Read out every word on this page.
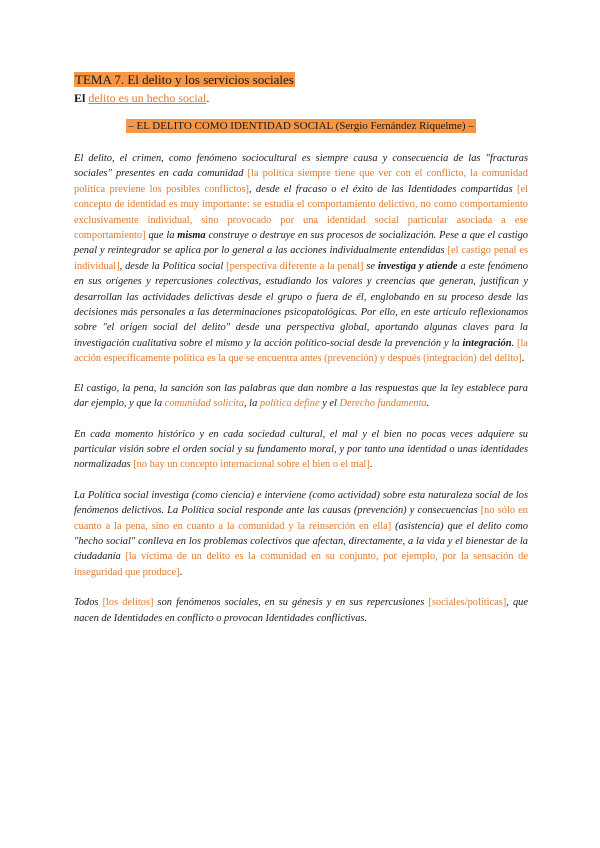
TEMA 7. El delito y los servicios sociales

El delito es un hecho social.

– EL DELITO COMO IDENTIDAD SOCIAL (Sergio Fernández Riquelme) –

El delito, el crimen, como fenómeno sociocultural es siempre causa y consecuencia de las "fracturas sociales" presentes en cada comunidad [la política siempre tiene que ver con el conflicto, la comunidad política previene los posibles conflictos], desde el fracaso o el éxito de las Identidades compartidas [el concepto de identidad es muy importante: se estudia el comportamiento delictivo, no como comportamiento exclusivamente individual, sino provocado por una identidad social particular asociada a ese comportamiento] que la misma construye o destruye en sus procesos de socialización. Pese a que el castigo penal y reintegrador se aplica por lo general a las acciones individualmente entendidas [el castigo penal es individual], desde la Política social [perspectiva diferente a la penal] se investiga y atiende a este fenómeno en sus orígenes y repercusiones colectivas, estudiando los valores y creencias que generan, justifican y desarrollan las actividades delictivas desde el grupo o fuera de él, englobando en su proceso desde las decisiones más personales a las determinaciones psicopatológicas. Por ello, en este artículo reflexionamos sobre "el origen social del delito" desde una perspectiva global, aportando algunas claves para la investigación cualitativa sobre el mismo y la acción político-social desde la prevención y la integración. [la acción específicamente política es la que se encuentra antes (prevención) y después (integración) del delito].

El castigo, la pena, la sanción son las palabras que dan nombre a las respuestas que la ley establece para dar ejemplo, y que la comunidad solicita, la política define y el Derecho fundamenta.

En cada momento histórico y en cada sociedad cultural, el mal y el bien no pocas veces adquiere su particular visión sobre el orden social y su fundamento moral, y por tanto una identidad o unas identidades normalizadas [no hay un concepto internacional sobre el bien o el mal].

La Política social investiga (como ciencia) e interviene (como actividad) sobre esta naturaleza social de los fenómenos delictivos. La Política social responde ante las causas (prevención) y consecuencias [no sólo en cuanto a la pena, sino en cuanto a la comunidad y la reinserción en ella] (asistencia) que el delito como "hecho social" conlleva en los problemas colectivos que afectan, directamente, a la vida y el bienestar de la ciudadanía [la víctima de un delito es la comunidad en su conjunto, por ejemplo, por la sensación de inseguridad que produce].

Todos [los delitos] son fenómenos sociales, en su génesis y en sus repercusiones [sociales/políticas], que nacen de Identidades en conflicto o provocan Identidades conflictivas.
